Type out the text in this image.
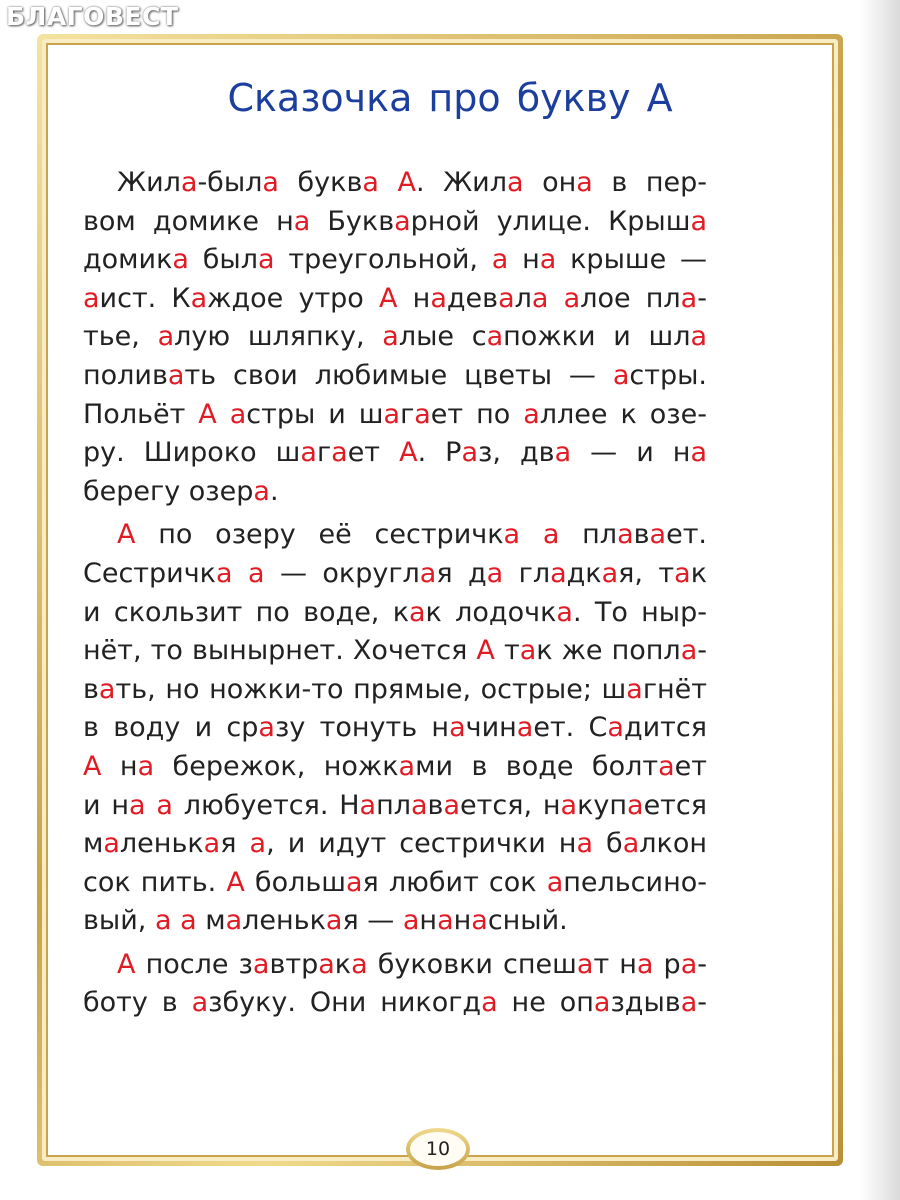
БЛАГОВЕСТ
Сказочка про букву А
Жила-была буква А. Жила она в пер-
вом домике на Букварной улице. Крыша
домика была треугольной, а на крыше —
аист. Каждое утро А надевала алое пла-
тье, алую шляпку, алые сапожки и шла
поливать свои любимые цветы — астры.
Польёт А астры и шагает по аллее к озе-
ру. Широко шагает А. Раз, два — и на
берегу озера.
А по озеру её сестричка а плавает.
Сестричка а — округлая да гладкая, так
и скользит по воде, как лодочка. То ныр-
нёт, то вынырнет. Хочется А так же попла-
вать, но ножки-то прямые, острые; шагнёт
в воду и сразу тонуть начинает. Садится
А на бережок, ножками в воде болтает
и на а любуется. Наплавается, накупается
маленькая а, и идут сестрички на балкон
сок пить. А большая любит сок апельсино-
вый, а а маленькая — ананасный.
А после завтрака буковки спешат на ра-
боту в азбуку. Они никогда не опаздыва-
10
